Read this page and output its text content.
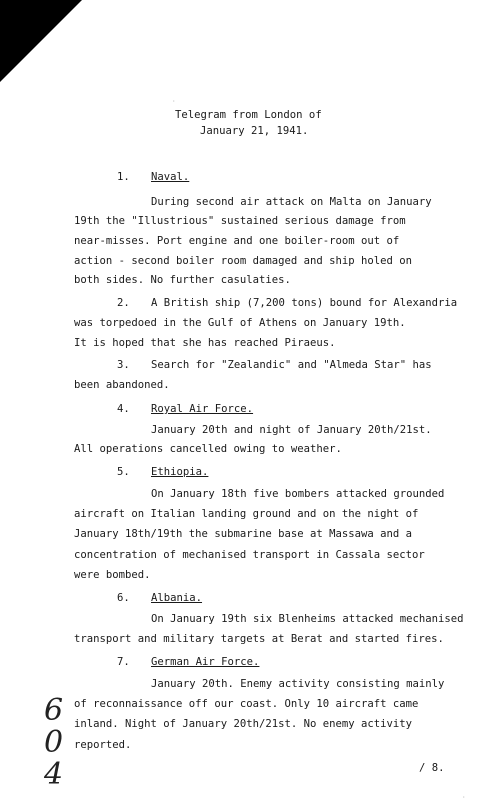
Telegram from London of
January 21, 1941.
1. Naval.
During second air attack on Malta on January
19th the "Illustrious" sustained serious damage from
near-misses. Port engine and one boiler-room out of
action - second boiler room damaged and ship holed on
both sides. No further casulaties.
2. A British ship (7,200 tons) bound for Alexandria
was torpedoed in the Gulf of Athens on January 19th.
It is hoped that she has reached Piraeus.
3. Search for "Zealandic" and "Almeda Star" has
been abandoned.
4. Royal Air Force.
January 20th and night of January 20th/21st.
All operations cancelled owing to weather.
5. Ethiopia.
On January 18th five bombers attacked grounded
aircraft on Italian landing ground and on the night of
January 18th/19th the submarine base at Massawa and a
concentration of mechanised transport in Cassala sector
were bombed.
6. Albania.
On January 19th six Blenheims attacked mechanised
transport and military targets at Berat and started fires.
7. German Air Force.
January 20th. Enemy activity consisting mainly
of reconnaissance off our coast. Only 10 aircraft came
inland. Night of January 20th/21st. No enemy activity
reported.
/ 8.
6
0
4
·
·
